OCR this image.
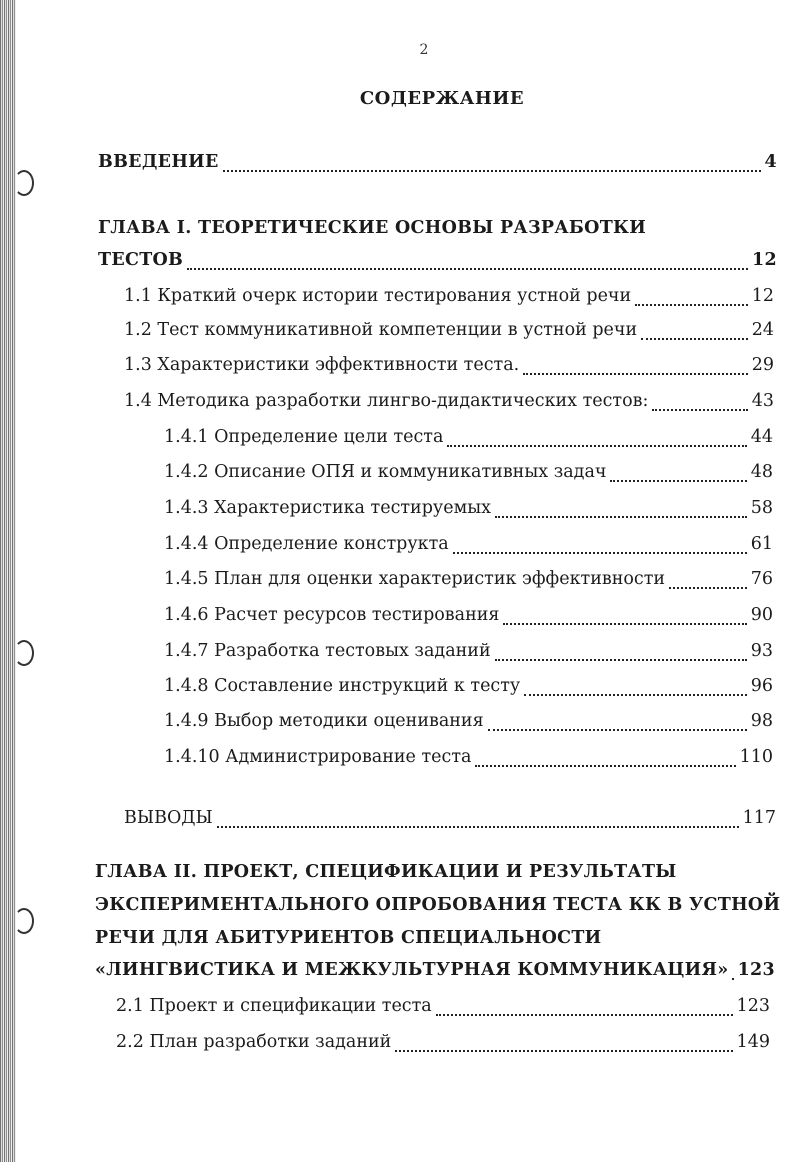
2
СОДЕРЖАНИЕ
ВВЕДЕНИЕ	4
ГЛАВА I. ТЕОРЕТИЧЕСКИЕ ОСНОВЫ РАЗРАБОТКИ
ТЕСТОВ	12
1.1 Краткий очерк истории тестирования устной речи	12
1.2 Тест коммуникативной компетенции в устной речи	24
1.3 Характеристики эффективности теста.	29
1.4 Методика разработки лингво-дидактических тестов:	43
1.4.1 Определение цели теста	44
1.4.2 Описание ОПЯ и коммуникативных задач	48
1.4.3 Характеристика тестируемых	58
1.4.4 Определение конструкта	61
1.4.5 План для оценки характеристик эффективности	76
1.4.6 Расчет ресурсов тестирования	90
1.4.7 Разработка тестовых заданий	93
1.4.8 Составление инструкций к тесту	96
1.4.9 Выбор методики оценивания	98
1.4.10 Администрирование теста	110
ВЫВОДЫ	117
ГЛАВА II. ПРОЕКТ, СПЕЦИФИКАЦИИ И РЕЗУЛЬТАТЫ
ЭКСПЕРИМЕНТАЛЬНОГО ОПРОБОВАНИЯ ТЕСТА КК В УСТНОЙ
РЕЧИ ДЛЯ АБИТУРИЕНТОВ СПЕЦИАЛЬНОСТИ
«ЛИНГВИСТИКА И МЕЖКУЛЬТУРНАЯ КОММУНИКАЦИЯ» 123
2.1 Проект и спецификации теста	123
2.2 План разработки заданий	149
